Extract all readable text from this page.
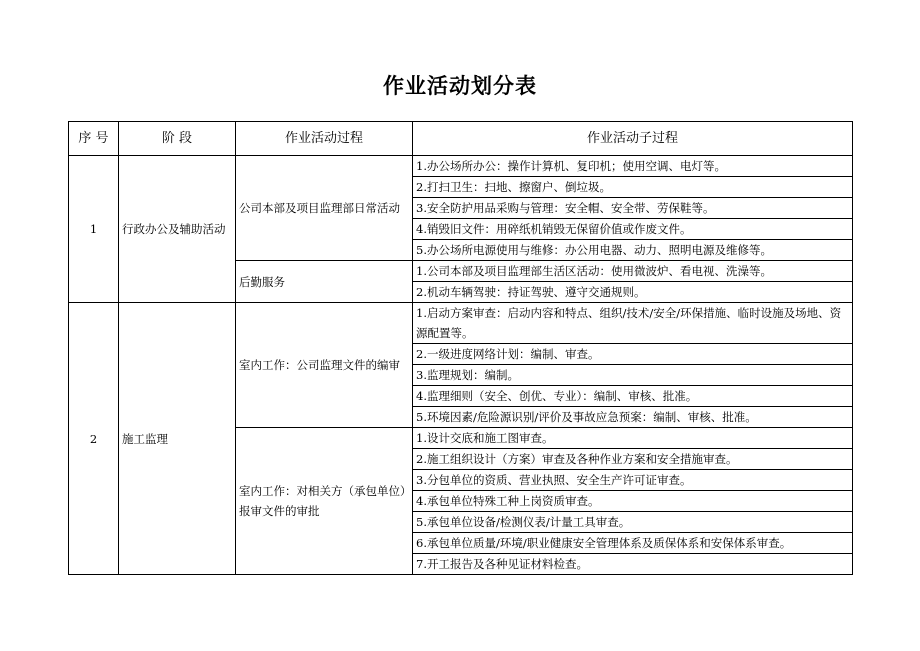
作业活动划分表
序 号	阶 段	作业活动过程	作业活动子过程
1	行政办公及辅助活动	公司本部及项目监理部日常活动	1.办公场所办公：操作计算机、复印机；使用空调、电灯等。
			2.打扫卫生：扫地、擦窗户、倒垃圾。
			3.安全防护用品采购与管理：安全帽、安全带、劳保鞋等。
			4.销毁旧文件：用碎纸机销毁无保留价值或作废文件。
			5.办公场所电源使用与维修：办公用电器、动力、照明电源及维修等。
		后勤服务	1.公司本部及项目监理部生活区活动：使用微波炉、看电视、洗澡等。
			2.机动车辆驾驶：持证驾驶、遵守交通规则。
2	施工监理	室内工作：公司监理文件的编审	1.启动方案审查：启动内容和特点、组织/技术/安全/环保措施、临时设施及场地、资源配置等。
			2.一级进度网络计划：编制、审查。
			3.监理规划：编制。
			4.监理细则（安全、创优、专业）：编制、审核、批准。
			5.环境因素/危险源识别/评价及事故应急预案：编制、审核、批准。
		室内工作：对相关方（承包单位）报审文件的审批	1.设计交底和施工图审查。
			2.施工组织设计（方案）审查及各种作业方案和安全措施审查。
			3.分包单位的资质、营业执照、安全生产许可证审查。
			4.承包单位特殊工种上岗资质审查。
			5.承包单位设备/检测仪表/计量工具审查。
			6.承包单位质量/环境/职业健康安全管理体系及质保体系和安保体系审查。
			7.开工报告及各种见证材料检查。
